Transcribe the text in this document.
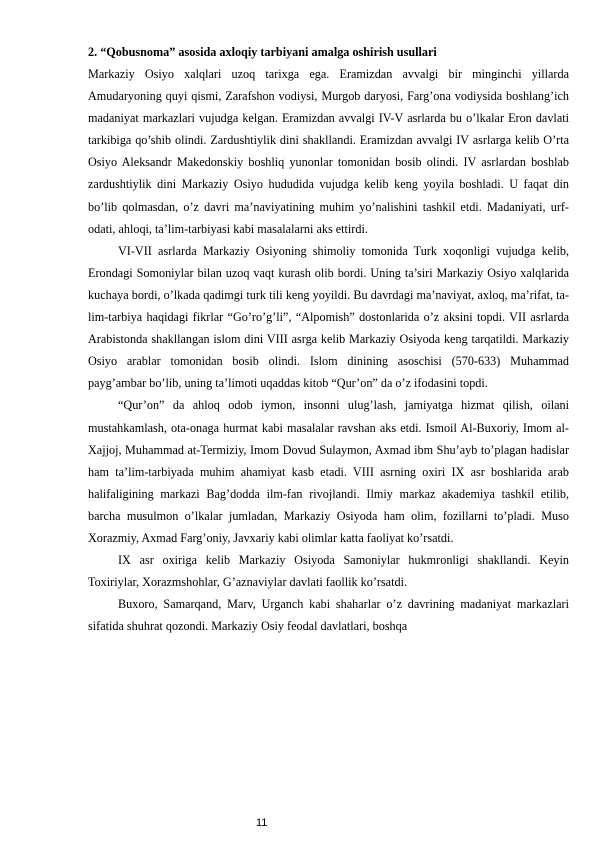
2. “Qobusnoma” asosida axloqiy tarbiyani amalga oshirish usullari

Markaziy Osiyo xalqlari uzoq tarixga ega. Eramizdan avvalgi bir minginchi yillarda Amudaryoning quyi qismi, Zarafshon vodiysi, Murgob daryosi, Farg’ona vodiysida boshlang’ich madaniyat markazlari vujudga kelgan. Eramizdan avvalgi IV-V asrlarda bu o’lkalar Eron davlati tarkibiga qo’shib olindi. Zardushtiylik dini shakllandi. Eramizdan avvalgi IV asrlarga kelib O’rta Osiyo Aleksandr Makedonskiy boshliq yunonlar tomonidan bosib olindi. IV asrlardan boshlab zardushtiylik dini Markaziy Osiyo hududida vujudga kelib keng yoyila boshladi. U faqat din bo’lib qolmasdan, o’z davri ma’naviyatining muhim yo’nalishini tashkil etdi. Madaniyati, urf-odati, ahloqi, ta’lim-tarbiyasi kabi masalalarni aks ettirdi.

VI-VII asrlarda Markaziy Osiyoning shimoliy tomonida Turk xoqonligi vujudga kelib, Erondagi Somoniylar bilan uzoq vaqt kurash olib bordi. Uning ta’siri Markaziy Osiyo xalqlarida kuchaya bordi, o’lkada qadimgi turk tili keng yoyildi. Bu davrdagi ma’naviyat, axloq, ma’rifat, ta-lim-tarbiya haqidagi fikrlar “Go’ro’g’li”, “Alpomish” dostonlarida o’z aksini topdi. VII asrlarda Arabistonda shakllangan islom dini VIII asrga kelib Markaziy Osiyoda keng tarqatildi. Markaziy Osiyo arablar tomonidan bosib olindi. Islom dinining asoschisi (570-633) Muhammad payg’ambar bo’lib, uning ta’limoti uqaddas kitob “Qur’on” da o’z ifodasini topdi.

“Qur’on” da ahloq odob iymon, insonni ulug’lash, jamiyatga hizmat qilish, oilani mustahkamlash, ota-onaga hurmat kabi masalalar ravshan aks etdi. Ismoil Al-Buxoriy, Imom al-Xajjoj, Muhammad at-Termiziy, Imom Dovud Sulaymon, Axmad ibm Shu’ayb to’plagan hadislar ham ta’lim-tarbiyada muhim ahamiyat kasb etadi. VIII asrning oxiri IX asr boshlarida arab halifaligining markazi Bag’dodda ilm-fan rivojlandi. Ilmiy markaz akademiya tashkil etilib, barcha musulmon o’lkalar jumladan, Markaziy Osiyoda ham olim, fozillarni to’pladi. Muso Xorazmiy, Axmad Farg’oniy, Javxariy kabi olimlar katta faoliyat ko’rsatdi.

IX asr oxiriga kelib Markaziy Osiyoda Samoniylar hukmronligi shakllandi. Keyin Toxiriylar, Xorazmshohlar, G’aznaviylar davlati faollik ko’rsatdi.

Buxoro, Samarqand, Marv, Urganch kabi shaharlar o’z davrining madaniyat markazlari sifatida shuhrat qozondi. Markaziy Osiy feodal davlatlari, boshqa

11
